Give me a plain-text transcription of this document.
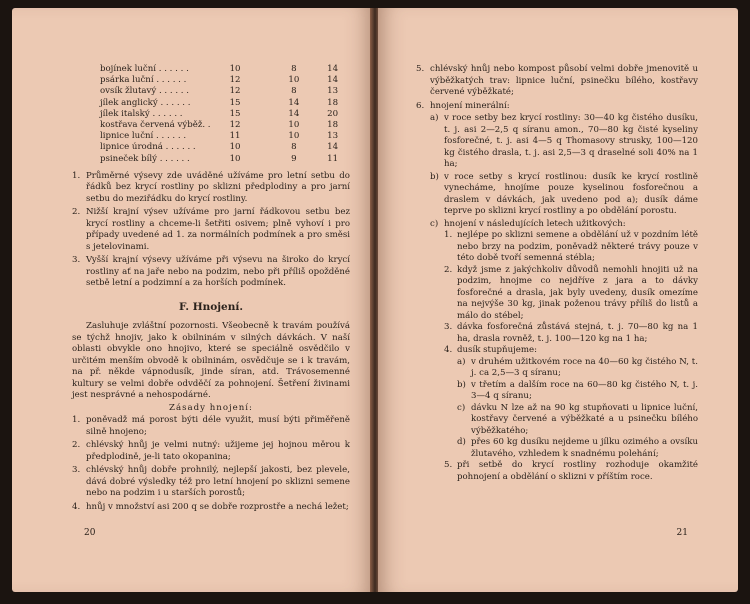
bojínek luční . . . . . .	10	8	14
psárka luční . . . . . .	12	10	14
ovsík žlutavý . . . . . .	12	8	13
jílek anglický . . . . . .	15	14	18
jílek italský . . . . . .	15	14	20
kostřava červená výběž. .	12	10	18
lipnice luční . . . . . .	11	10	13
lipnice úrodná . . . . . .	10	8	14
psineček bílý . . . . . .	10	9	11
1. Průměrné výsevy zde uváděné užíváme pro letní setbu do řádků bez krycí rostliny po sklizni předplodiny a pro jarní setbu do meziřádku do krycí rostliny.
2. Nižší krajní výsev užíváme pro jarní řádkovou setbu bez krycí rostliny a chceme-li šetřiti osivem; plně vyhoví i pro případy uvedené ad 1. za normálních podmínek a pro směsi s jetelovinami.
3. Vyšší krajní výsevy užíváme při výsevu na široko do krycí rostliny ať na jaře nebo na podzim, nebo při příliš opožděné setbě letní a podzimní a za horších podmínek.
F. Hnojení.
Zasluhuje zvláštní pozornosti. Všeobecně k travám používá se týchž hnojiv, jako k obilninám v silných dávkách. V naší oblasti obvykle ono hnojivo, které se speciálně osvědčilo v určitém menším obvodě k obilninám, osvědčuje se i k travám, na př. někde vápnodusík, jinde síran, atd. Trávosemenné kultury se velmi dobře odvděčí za pohnojení. Šetření živinami jest nesprávné a nehospodárné.
Zásady hnojení:
1. poněvadž má porost býti déle využit, musí býti přiměřeně silně hnojeno;
2. chlévský hnůj je velmi nutný: užijeme jej hojnou měrou k předplodině, je-li tato okopanina;
3. chlévský hnůj dobře prohnilý, nejlepší jakosti, bez plevele, dává dobré výsledky též pro letní hnojení po sklizni semene nebo na podzim i u starších porostů;
4. hnůj v množství asi 200 q se dobře rozprostře a nechá ležet;
20
5. chlévský hnůj nebo kompost působí velmi dobře jmenovitě u výběžkatých trav: lipnice luční, psinečku bílého, kostřavy červené výběžkaté;
6. hnojení minerální:
a) v roce setby bez krycí rostliny: 30—40 kg čistého dusíku, t. j. asi 2—2,5 q síranu amon., 70—80 kg čisté kyseliny fosforečné, t. j. asi 4—5 q Thomasovy strusky, 100—120 kg čistého draslа, t. j. asi 2,5—3 q draselné soli 40% na 1 ha;
b) v roce setby s krycí rostlinou: dusík ke krycí rostlině vynecháme, hnojíme pouze kyselinou fosforečnou a draslem v dávkách, jak uvedeno pod a); dusík dáme teprve po sklizni krycí rostliny a po obdělání porostu.
c) hnojení v následujících letech užitkových:
1. nejlépe po sklizni semene a obdělání už v pozdním létě nebo brzy na podzim, poněvadž některé trávy pouze v této době tvoří semenná stébla;
2. když jsme z jakýchkoliv důvodů nemohli hnojiti už na podzim, hnojme co nejdříve z jara a to dávky fosforečné a drasla, jak byly uvedeny, dusík omezíme na nejvýše 30 kg, jinak poženou trávy příliš do listů a málo do stébel;
3. dávka fosforečná zůstává stejná, t. j. 70—80 kg na 1 ha, drasla rovněž, t. j. 100—120 kg na 1 ha;
4. dusík stupňujeme:
a) v druhém užitkovém roce na 40—60 kg čistého N, t. j. ca 2,5—3 q síranu;
b) v třetím a dalším roce na 60—80 kg čistého N, t. j. 3—4 q síranu;
c) dávku N lze až na 90 kg stupňovati u lipnice luční, kostřavy červené a výběžkaté a u psinečku bílého výběžkatého;
d) přes 60 kg dusíku nejdeme u jílku ozimého a ovsíku žlutavého, vzhledem k snadnému polehání;
5. při setbě do krycí rostliny rozhoduje okamžité pohnojení a obdělání o sklizni v příštím roce.
21
